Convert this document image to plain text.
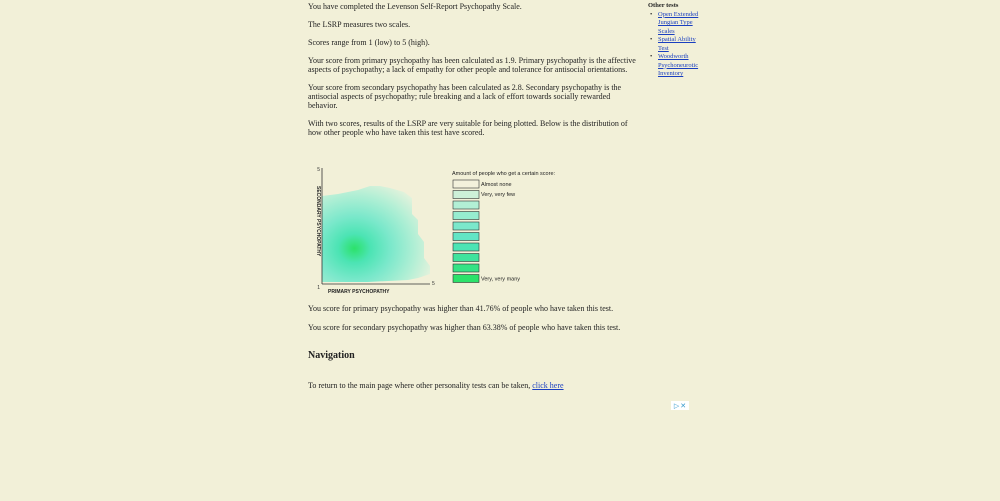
You have completed the Levenson Self-Report Psychopathy Scale.

The LSRP measures two scales.

Scores range from 1 (low) to 5 (high).

Your score from primary psychopathy has been calculated as 1.9. Primary psychopathy is the affective aspects of psychopathy; a lack of empathy for other people and tolerance for antisocial orientations.

Your score from secondary psychopathy has been calculated as 2.8. Secondary psychopathy is the antisocial aspects of psychopathy; rule breaking and a lack of effort towards socially rewarded behavior.

With two scores, results of the LSRP are very suitable for being plotted. Below is the distribution of how other people who have taken this test have scored.

Other tests
• Open Extended Jungian Type Scales
• Spatial Ability Test
• Woodworth Psychoneurotic Inventory
5
1
5
PRIMARY PSYCHOPATHY
SECONDARY PSYCHOPATHY
Amount of people who get a certain score:
Almost none
Very, very few
Very, very many
You score for primary psychopathy was higher than 41.76% of people who have taken this test.
You score for secondary psychopathy was higher than 63.38% of people who have taken this test.
Navigation
To return to the main page where other personality tests can be taken, click here
▷ ✕
